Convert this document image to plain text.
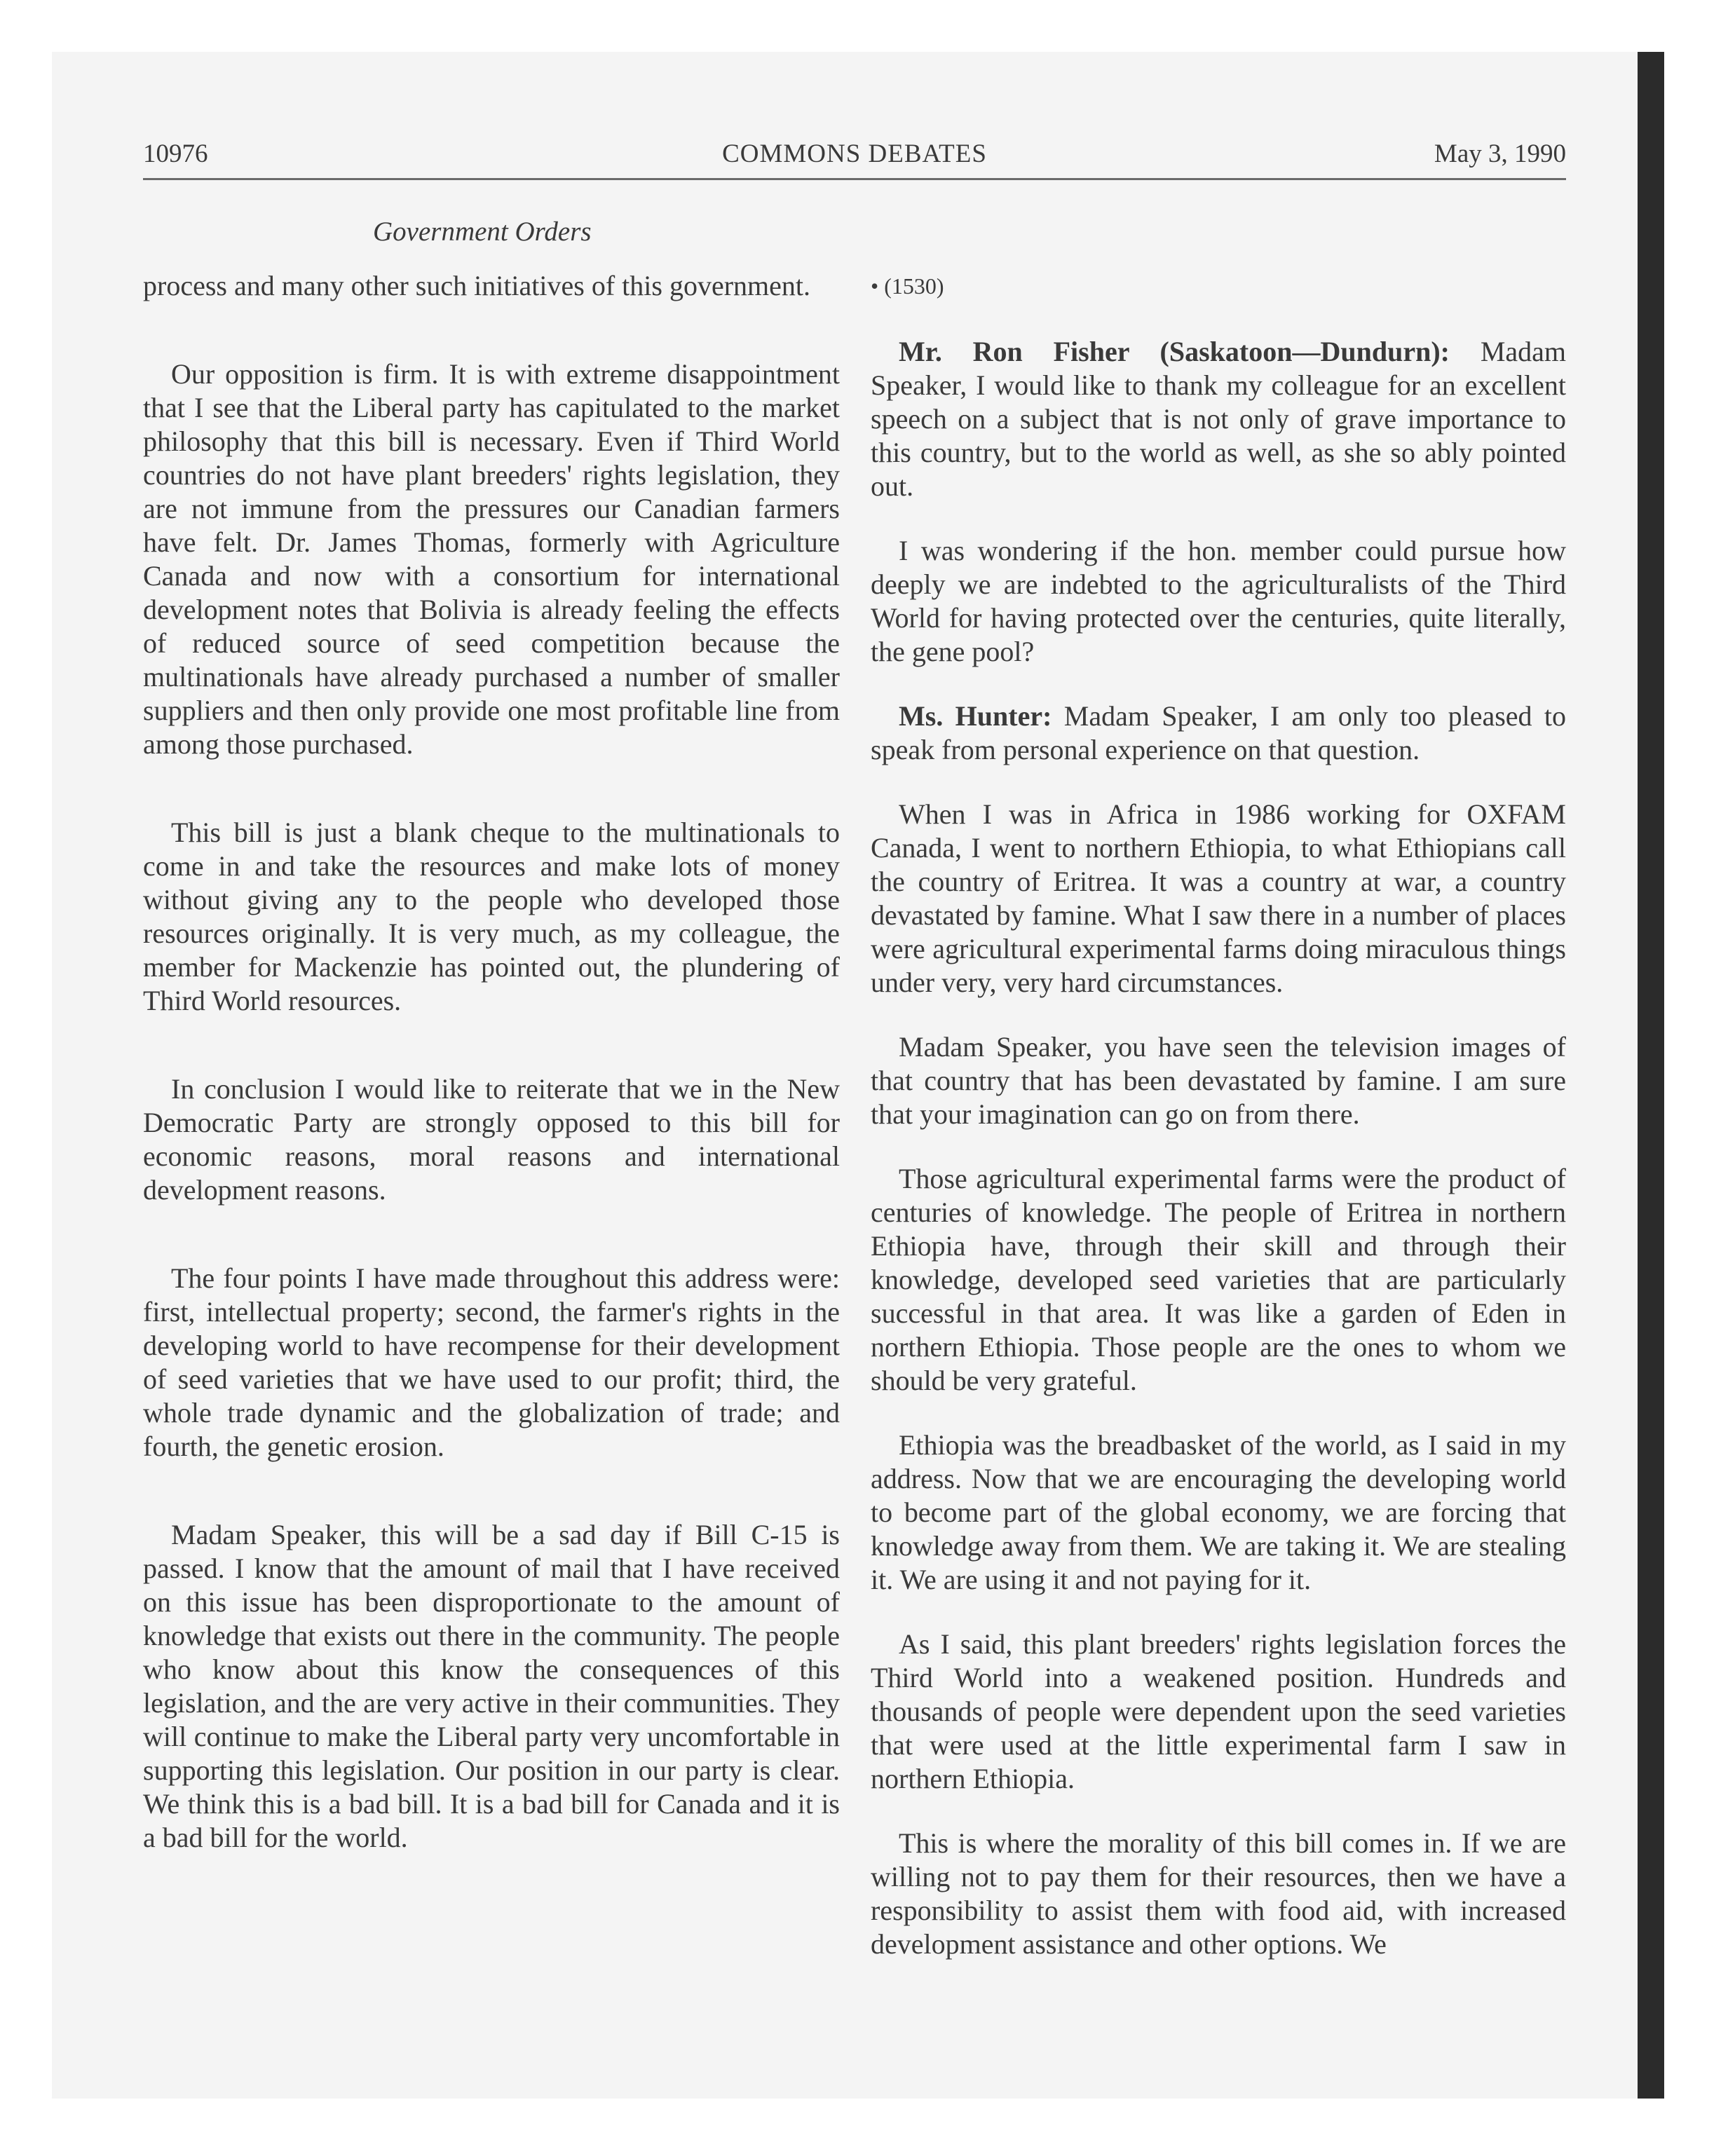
10976	COMMONS DEBATES	May 3, 1990
Government Orders

process and many other such initiatives of this government.

Our opposition is firm. It is with extreme disappointment that I see that the Liberal party has capitulated to the market philosophy that this bill is necessary. Even if Third World countries do not have plant breeders' rights legislation, they are not immune from the pressures our Canadian farmers have felt. Dr. James Thomas, formerly with Agriculture Canada and now with a consortium for international development notes that Bolivia is already feeling the effects of reduced source of seed competition because the multinationals have already purchased a number of smaller suppliers and then only provide one most profitable line from among those purchased.

This bill is just a blank cheque to the multinationals to come in and take the resources and make lots of money without giving any to the people who developed those resources originally. It is very much, as my colleague, the member for Mackenzie has pointed out, the plundering of Third World resources.

In conclusion I would like to reiterate that we in the New Democratic Party are strongly opposed to this bill for economic reasons, moral reasons and international development reasons.

The four points I have made throughout this address were: first, intellectual property; second, the farmer's rights in the developing world to have recompense for their development of seed varieties that we have used to our profit; third, the whole trade dynamic and the globalization of trade; and fourth, the genetic erosion.

Madam Speaker, this will be a sad day if Bill C-15 is passed. I know that the amount of mail that I have received on this issue has been disproportionate to the amount of knowledge that exists out there in the community. The people who know about this know the consequences of this legislation, and the are very active in their communities. They will continue to make the Liberal party very uncomfortable in supporting this legislation. Our position in our party is clear. We think this is a bad bill. It is a bad bill for Canada and it is a bad bill for the world.

• (1530)

Mr. Ron Fisher (Saskatoon—Dundurn): Madam Speaker, I would like to thank my colleague for an excellent speech on a subject that is not only of grave importance to this country, but to the world as well, as she so ably pointed out.

I was wondering if the hon. member could pursue how deeply we are indebted to the agriculturalists of the Third World for having protected over the centuries, quite literally, the gene pool?

Ms. Hunter: Madam Speaker, I am only too pleased to speak from personal experience on that question.

When I was in Africa in 1986 working for OXFAM Canada, I went to northern Ethiopia, to what Ethiopians call the country of Eritrea. It was a country at war, a country devastated by famine. What I saw there in a number of places were agricultural experimental farms doing miraculous things under very, very hard circumstances.

Madam Speaker, you have seen the television images of that country that has been devastated by famine. I am sure that your imagination can go on from there.

Those agricultural experimental farms were the product of centuries of knowledge. The people of Eritrea in northern Ethiopia have, through their skill and through their knowledge, developed seed varieties that are particularly successful in that area. It was like a garden of Eden in northern Ethiopia. Those people are the ones to whom we should be very grateful.

Ethiopia was the breadbasket of the world, as I said in my address. Now that we are encouraging the developing world to become part of the global economy, we are forcing that knowledge away from them. We are taking it. We are stealing it. We are using it and not paying for it.

As I said, this plant breeders' rights legislation forces the Third World into a weakened position. Hundreds and thousands of people were dependent upon the seed varieties that were used at the little experimental farm I saw in northern Ethiopia.

This is where the morality of this bill comes in. If we are willing not to pay them for their resources, then we have a responsibility to assist them with food aid, with increased development assistance and other options. We
